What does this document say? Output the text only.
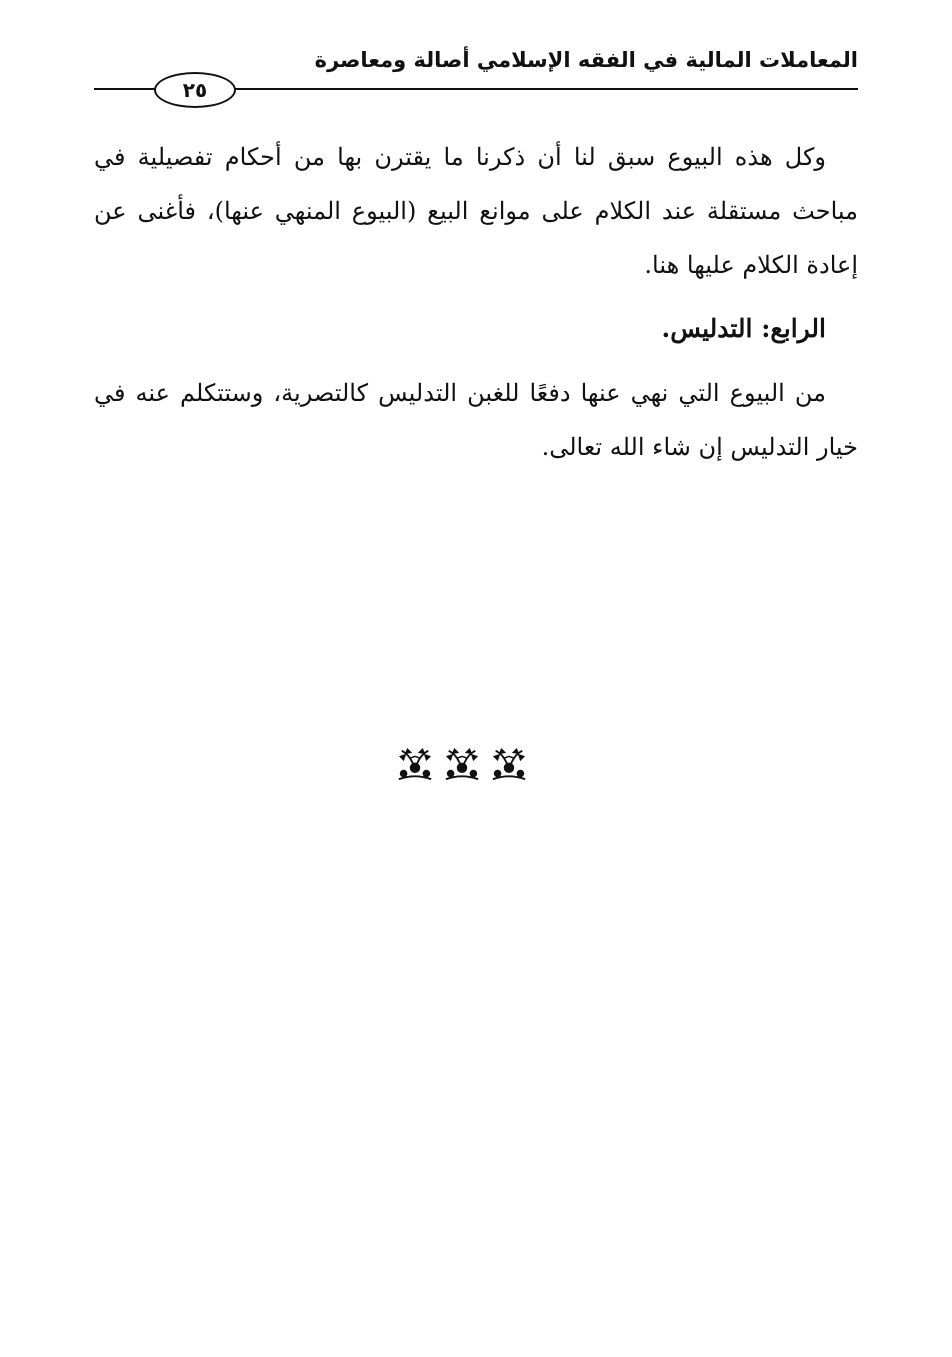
المعاملات المالية في الفقه الإسلامي أصالة ومعاصرة
٢٥

وكل هذه البيوع سبق لنا أن ذكرنا ما يقترن بها من أحكام تفصيلية في مباحث مستقلة عند الكلام على موانع البيع (البيوع المنهي عنها)، فأغنى عن إعادة الكلام عليها هنا.

الرابع: التدليس.

من البيوع التي نهي عنها دفعًا للغبن التدليس كالتصرية، وستتكلم عنه في خيار التدليس إن شاء الله تعالى.
